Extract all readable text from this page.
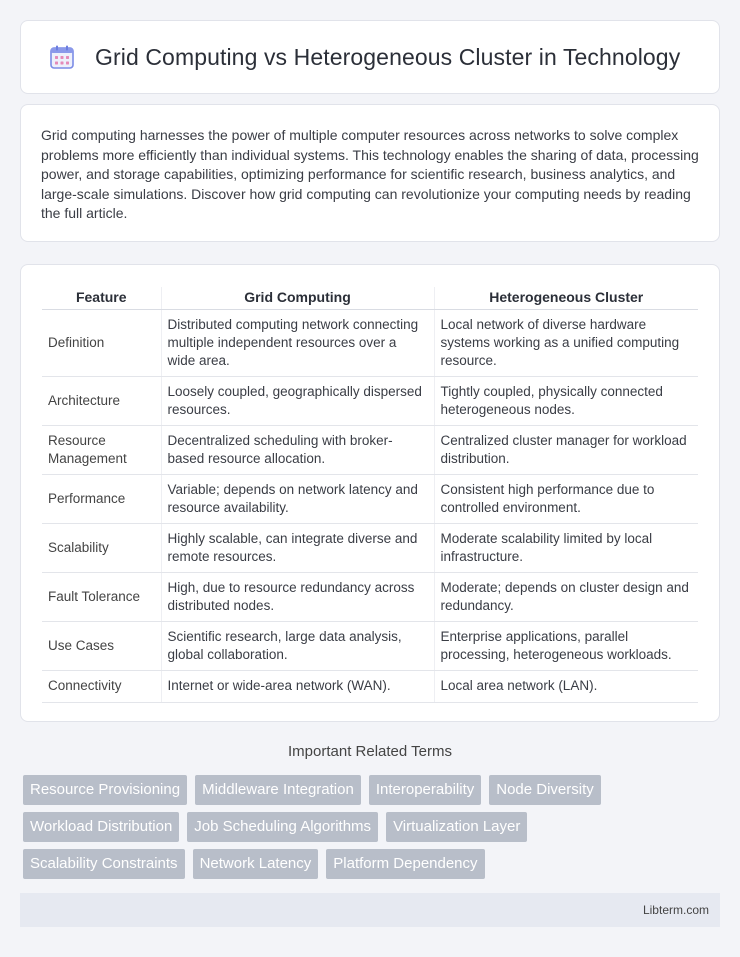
Grid Computing vs Heterogeneous Cluster in Technology

Grid computing harnesses the power of multiple computer resources across networks to solve complex problems more efficiently than individual systems. This technology enables the sharing of data, processing power, and storage capabilities, optimizing performance for scientific research, business analytics, and large-scale simulations. Discover how grid computing can revolutionize your computing needs by reading the full article.

Feature	Grid Computing	Heterogeneous Cluster
Definition	Distributed computing network connecting multiple independent resources over a wide area.	Local network of diverse hardware systems working as a unified computing resource.
Architecture	Loosely coupled, geographically dispersed resources.	Tightly coupled, physically connected heterogeneous nodes.
Resource Management	Decentralized scheduling with broker-based resource allocation.	Centralized cluster manager for workload distribution.
Performance	Variable; depends on network latency and resource availability.	Consistent high performance due to controlled environment.
Scalability	Highly scalable, can integrate diverse and remote resources.	Moderate scalability limited by local infrastructure.
Fault Tolerance	High, due to resource redundancy across distributed nodes.	Moderate; depends on cluster design and redundancy.
Use Cases	Scientific research, large data analysis, global collaboration.	Enterprise applications, parallel processing, heterogeneous workloads.
Connectivity	Internet or wide-area network (WAN).	Local area network (LAN).
Important Related Terms
Resource Provisioning	Middleware Integration	Interoperability	Node Diversity
Workload Distribution	Job Scheduling Algorithms	Virtualization Layer
Scalability Constraints	Network Latency	Platform Dependency
Libterm.com
